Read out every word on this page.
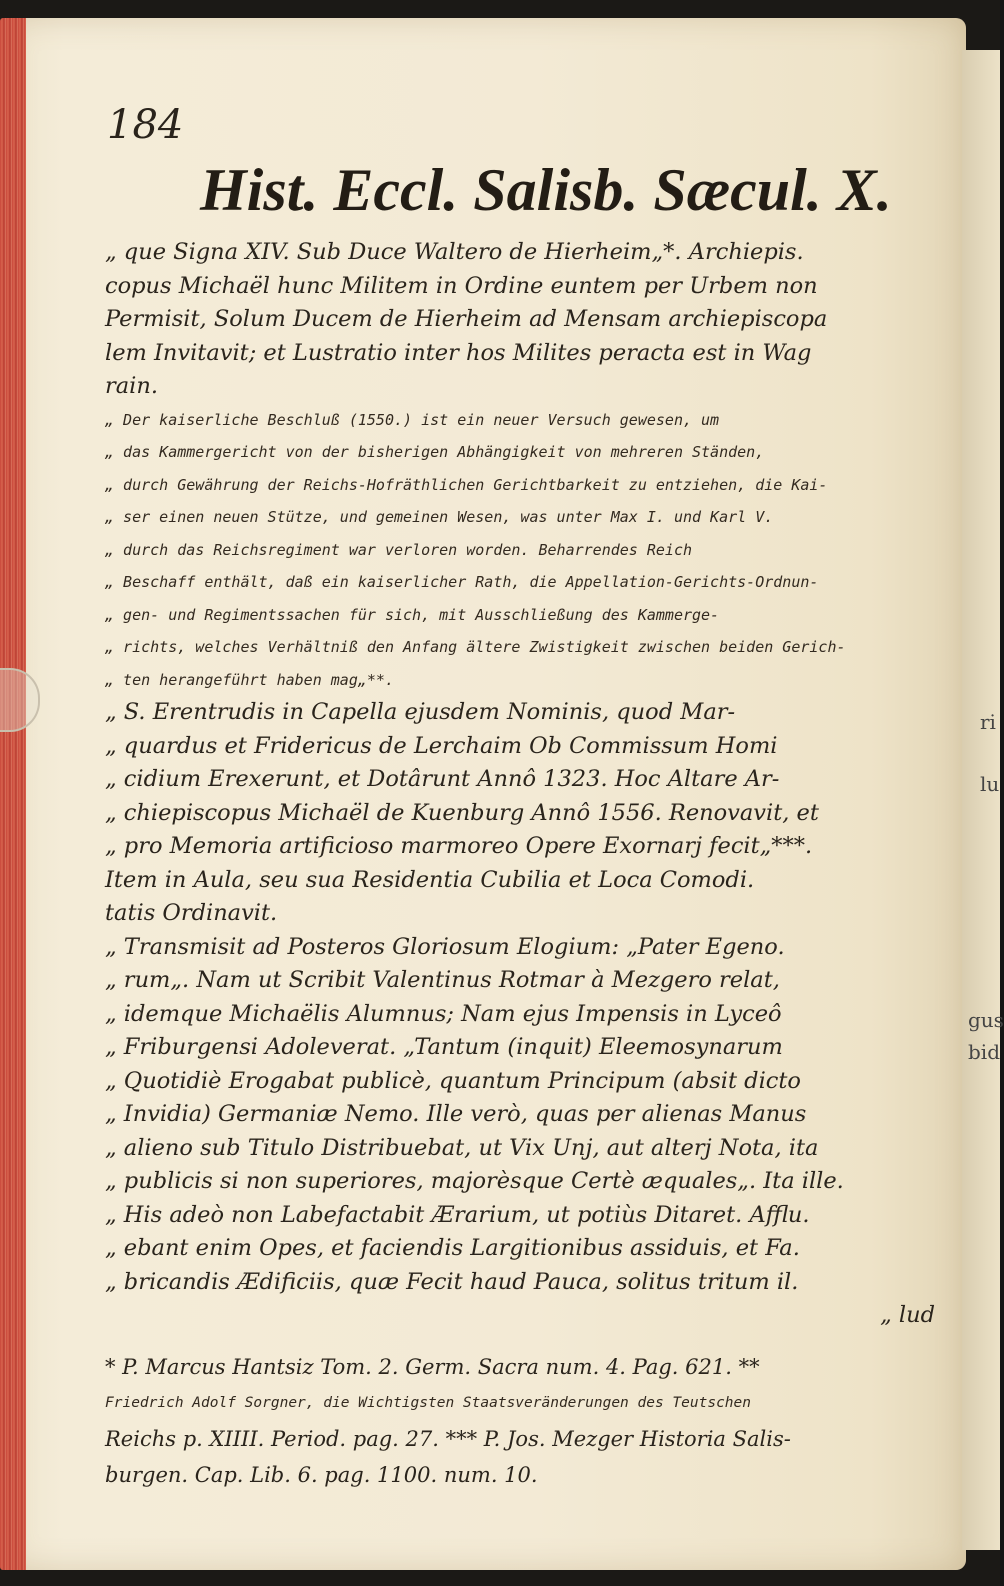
ri
lu
gus
bid
184
Hist. Eccl. Salisb. Sæcul. X.
„ que Signa XIV. Sub Duce Waltero de Hierheim„*. Archiepis.
copus Michaël hunc Militem in Ordine euntem per Urbem non
Permisit, Solum Ducem de Hierheim ad Mensam archiepiscopa
lem Invitavit; et Lustratio inter hos Milites peracta est in Wag
rain.
„ Der kaiserliche Beschluß (1550.) ist ein neuer Versuch gewesen, um
„ das Kammergericht von der bisherigen Abhängigkeit von mehreren Ständen,
„ durch Gewährung der Reichs-Hofräthlichen Gerichtbarkeit zu entziehen, die Kai-
„ ser einen neuen Stütze, und gemeinen Wesen, was unter Max I. und Karl V.
„ durch das Reichsregiment war verloren worden. Beharrendes Reich
„ Beschaff enthält, daß ein kaiserlicher Rath, die Appellation-Gerichts-Ordnun-
„ gen- und Regimentssachen für sich, mit Ausschließung des Kammerge-
„ richts, welches Verhältniß den Anfang ältere Zwistigkeit zwischen beiden Gerich-
„ ten herangeführt haben mag„**.
„ S. Erentrudis in Capella ejusdem Nominis, quod Mar-
„ quardus et Fridericus de Lerchaim Ob Commissum Homi
„ cidium Erexerunt, et Dotârunt Annô 1323. Hoc Altare Ar-
„ chiepiscopus Michaël de Kuenburg Annô 1556. Renovavit, et
„ pro Memoria artificioso marmoreo Opere Exornarj fecit„***.
Item in Aula, seu sua Residentia Cubilia et Loca Comodi.
tatis Ordinavit.
„ Transmisit ad Posteros Gloriosum Elogium: „Pater Egeno.
„ rum„. Nam ut Scribit Valentinus Rotmar à Mezgero relat,
„ idemque Michaëlis Alumnus; Nam ejus Impensis in Lyceô
„ Friburgensi Adoleverat. „Tantum (inquit) Eleemosynarum
„ Quotidiè Erogabat publicè, quantum Principum (absit dicto
„ Invidia) Germaniæ Nemo. Ille verò, quas per alienas Manus
„ alieno sub Titulo Distribuebat, ut Vix Unj, aut alterj Nota, ita
„ publicis si non superiores, majorèsque Certè æquales„. Ita ille.
„ His adeò non Labefactabit Ærarium, ut potiùs Ditaret. Afflu.
„ ebant enim Opes, et faciendis Largitionibus assiduis, et Fa.
„ bricandis Ædificiis, quæ Fecit haud Pauca, solitus tritum il.
„ lud
* P. Marcus Hantsiz Tom. 2. Germ. Sacra num. 4. Pag. 621. **
Friedrich Adolf Sorgner, die Wichtigsten Staatsveränderungen des Teutschen
Reichs p. XIIII. Period. pag. 27. *** P. Jos. Mezger Historia Salis-
burgen. Cap. Lib. 6. pag. 1100. num. 10.
